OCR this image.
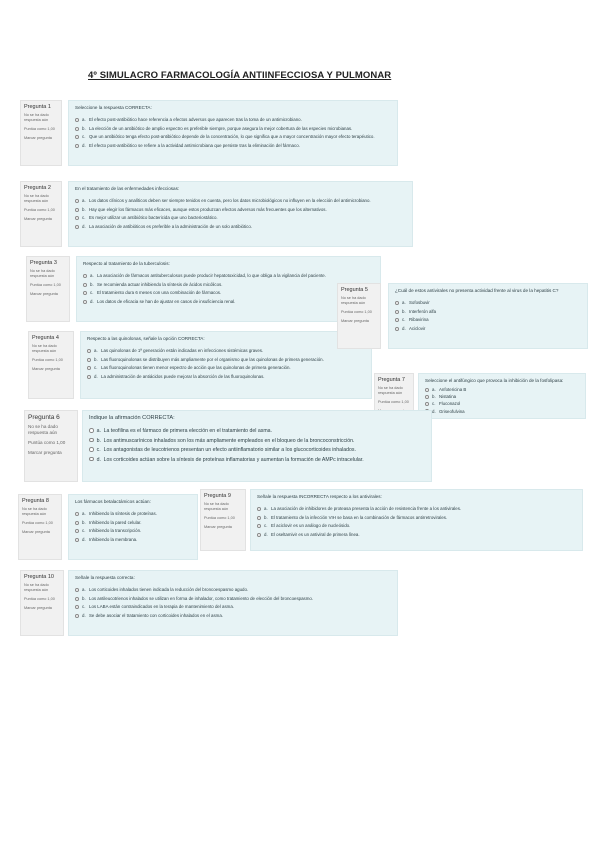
4º SIMULACRO FARMACOLOGÍA ANTIINFECCIOSA Y PULMONAR
Pregunta 1
No se ha dado respuesta aún
Puntúa como 1,00
Marcar pregunta
Seleccione la respuesta CORRECTA:
a. El efecto post-antibiótico hace referencia a efectos adversos que aparecen tras la toma de un antimicrobiano.
b. La elección de un antibiótico de amplio espectro es preferible siempre, porque asegura la mejor cobertura de las especies microbianas.
c. Que un antibiótico tenga efecto post-antibiótico depende de la concentración, lo que significa que a mayor concentración mayor efecto terapéutico.
d. El efecto post-antibiótico se refiere a la actividad antimicrobiana que persiste tras la eliminación del fármaco.
Pregunta 2
No se ha dado respuesta aún
Puntúa como 1,00
Marcar pregunta
En el tratamiento de las enfermedades infecciosas:
a. Los datos clínicos y analíticos deben ser siempre tenidos en cuenta, pero los datos microbiológicos no influyen en la elección del antimicrobiano.
b. Hay que elegir los fármacos más eficaces, aunque estos produzcan efectos adversos más frecuentes que los alternativos.
c. Es mejor utilizar un antibiótico bactericida que uno bacteriostático.
d. La asociación de antibióticos es preferible a la administración de un solo antibiótico.
Pregunta 3
No se ha dado respuesta aún
Puntúa como 1,00
Marcar pregunta
Respecto al tratamiento de la tuberculosis:
a. La asociación de fármacos antituberculosos puede producir hepatotoxicidad, lo que obliga a la vigilancia del paciente.
b. Se recomienda actuar inhibiendo la síntesis de ácidos micólicos.
c. El tratamiento dura 6 meses con una combinación de fármacos.
d. Los datos de eficacia se han de ajustar en casos de insuficiencia renal.
Pregunta 4
No se ha dado respuesta aún
Puntúa como 1,00
Marcar pregunta
Respecto a las quinolonas, señale la opción CORRECTA:
a. Las quinolonas de 1ª generación están indicadas en infecciones sistémicas graves.
b. Las fluoroquinolonas se distribuyen más ampliamente por el organismo que las quinolonas de primera generación.
c. Las fluoroquinolonas tienen menor espectro de acción que las quinolonas de primera generación.
d. La administración de antiácidos puede mejorar la absorción de las fluoroquinolonas.
Pregunta 5
No se ha dado respuesta aún
Puntúa como 1,00
Marcar pregunta
¿Cuál de estos antivirales no presenta actividad frente al virus de la hepatitis C?
a. Sofosbuvir
b. Interferón alfa
c. Ribavirina
d. Aciclovir
Pregunta 7
No se ha dado respuesta aún
Puntúa como 1,00
Seleccione el antifúngico que provoca la inhibición de la fosfolipasa:
a. Anfotericina B
b. Nistatina
c. Fluconazol
d. Griseofulvina
Pregunta 6
No se ha dado respuesta aún
Puntúa como 1,00
Marcar pregunta
Indique la afirmación CORRECTA:
a. La teofilina es el fármaco de primera elección en el tratamiento del asma.
b. Los antimuscarínicos inhalados son los más ampliamente empleados en el bloqueo de la broncoconstricción.
c. Los antagonistas de leucotrienos presentan un efecto antiinflamatorio similar a los glucocorticoides inhalados.
d. Los corticoides actúan sobre la síntesis de proteínas inflamatorias y aumentan la formación de AMPc intracelular.
Pregunta 8
No se ha dado respuesta aún
Puntúa como 1,00
Marcar pregunta
Los fármacos betalactámicos actúan:
a. Inhibiendo la síntesis de proteínas.
b. Inhibiendo la pared celular.
c. Inhibiendo la transcripción.
d. Inhibiendo la membrana.
Pregunta 9
No se ha dado respuesta aún
Puntúa como 1,00
Marcar pregunta
Señale la respuesta INCORRECTA respecto a los antivirales:
a. La asociación de inhibidores de proteasa presenta la acción de resistencia frente a los antivirales.
b. El tratamiento de la infección VIH se basa en la combinación de fármacos antirretrovirales.
c. El aciclovir es un análogo de nucleósido.
d. El oseltamivir es un antiviral de primera línea.
Pregunta 10
No se ha dado respuesta aún
Puntúa como 1,00
Marcar pregunta
Señale la respuesta correcta:
a. Los corticoides inhalados tienen indicada la reducción del broncoespasmo agudo.
b. Los antileucotrienos inhalados se utilizan en forma de inhalador, como tratamiento de elección del broncoespasmo.
c. Los LABA están contraindicados en la terapia de mantenimiento del asma.
d. Se debe asociar el tratamiento con corticoides inhalados en el asma.
